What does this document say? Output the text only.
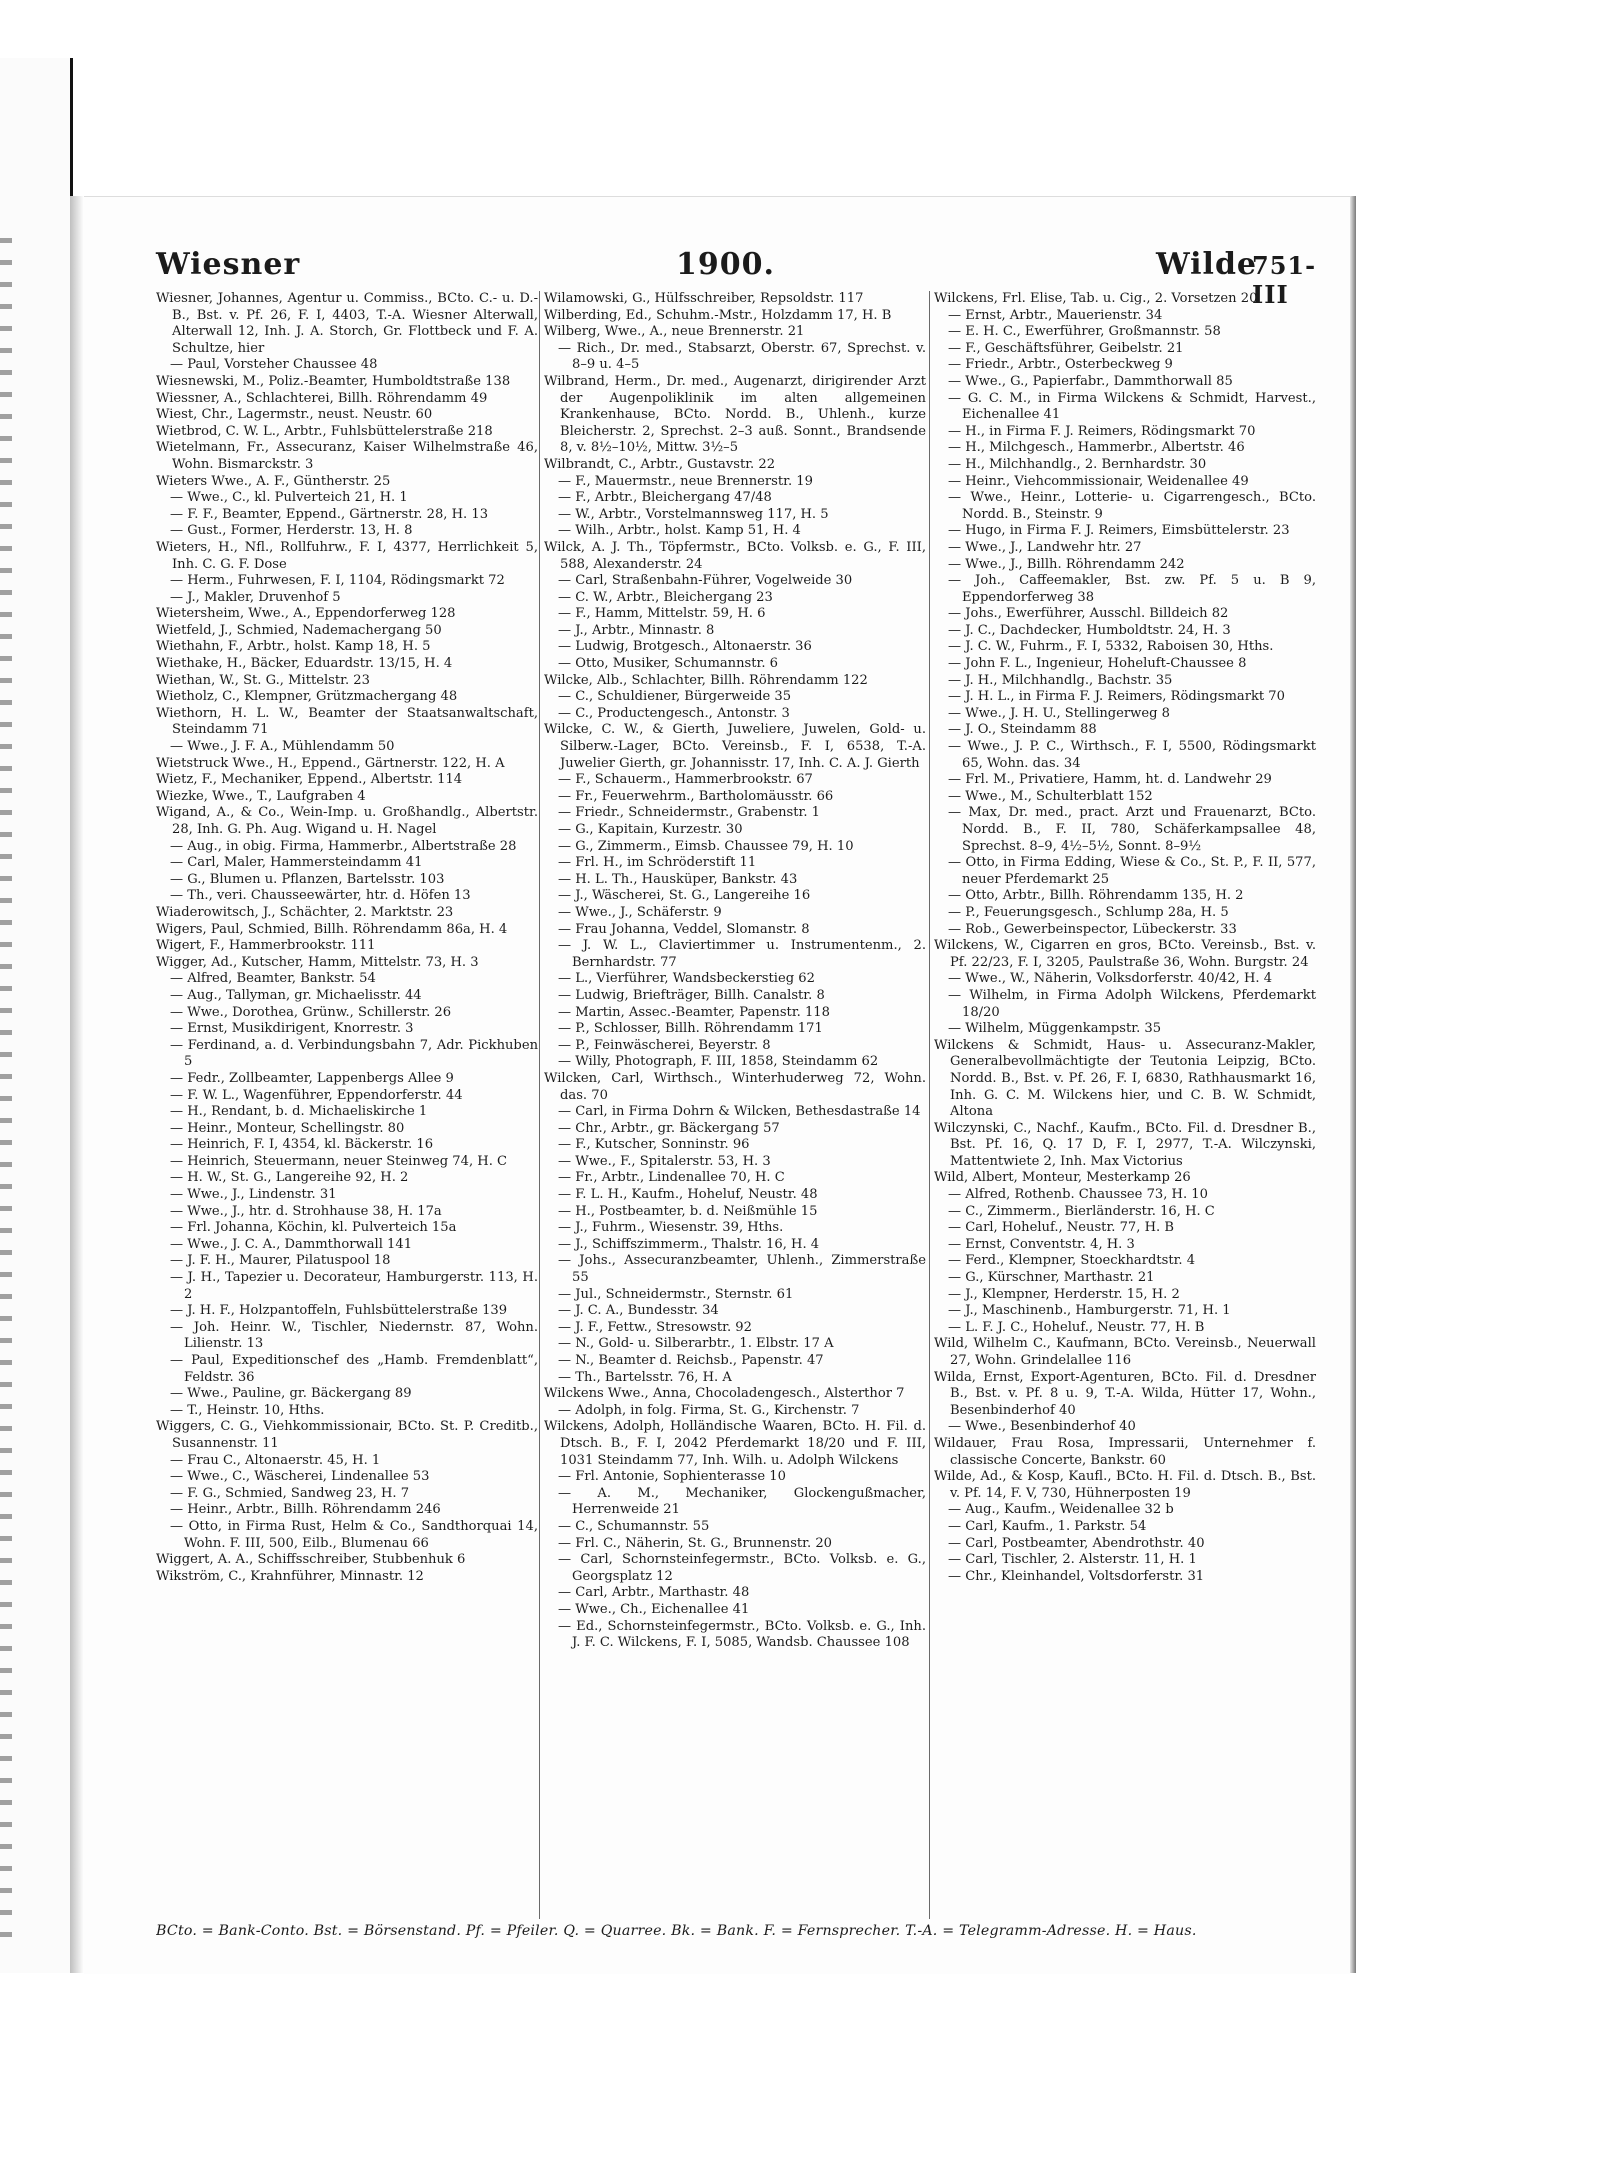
Wiesner	1900.	Wilde
751-III

Wiesner, Johannes, Agentur u. Commiss., BCto. C.- u. D.-B., Bst. v. Pf. 26, F. I, 4403, T.-A. Wiesner Alterwall, Alterwall 12, Inh. J. A. Storch, Gr. Flottbeck und F. A. Schultze, hier

— Paul, Vorsteher Chaussee 48

Wiesnewski, M., Poliz.-Beamter, Humboldtstraße 138

Wiessner, A., Schlachterei, Billh. Röhrendamm 49

Wiest, Chr., Lagermstr., neust. Neustr. 60

Wietbrod, C. W. L., Arbtr., Fuhlsbüttelerstraße 218

Wietelmann, Fr., Assecuranz, Kaiser Wilhelmstraße 46, Wohn. Bismarckstr. 3

Wieters Wwe., A. F., Güntherstr. 25

— Wwe., C., kl. Pulverteich 21, H. 1

— F. F., Beamter, Eppend., Gärtnerstr. 28, H. 13

— Gust., Former, Herderstr. 13, H. 8

Wieters, H., Nfl., Rollfuhrw., F. I, 4377, Herrlichkeit 5, Inh. C. G. F. Dose

— Herm., Fuhrwesen, F. I, 1104, Rödingsmarkt 72

— J., Makler, Druvenhof 5

Wietersheim, Wwe., A., Eppendorferweg 128

Wietfeld, J., Schmied, Nademachergang 50

Wiethahn, F., Arbtr., holst. Kamp 18, H. 5

Wiethake, H., Bäcker, Eduardstr. 13/15, H. 4

Wiethan, W., St. G., Mittelstr. 23

Wietholz, C., Klempner, Grützmachergang 48

Wiethorn, H. L. W., Beamter der Staatsanwaltschaft, Steindamm 71

— Wwe., J. F. A., Mühlendamm 50

Wietstruck Wwe., H., Eppend., Gärtnerstr. 122, H. A

Wietz, F., Mechaniker, Eppend., Albertstr. 114

Wiezke, Wwe., T., Laufgraben 4

Wigand, A., & Co., Wein-Imp. u. Großhandlg., Albertstr. 28, Inh. G. Ph. Aug. Wigand u. H. Nagel

— Aug., in obig. Firma, Hammerbr., Albertstraße 28

— Carl, Maler, Hammersteindamm 41

— G., Blumen u. Pflanzen, Bartelsstr. 103

— Th., veri. Chausseewärter, htr. d. Höfen 13

Wiaderowitsch, J., Schächter, 2. Marktstr. 23

Wigers, Paul, Schmied, Billh. Röhrendamm 86a, H. 4

Wigert, F., Hammerbrookstr. 111

Wigger, Ad., Kutscher, Hamm, Mittelstr. 73, H. 3

— Alfred, Beamter, Bankstr. 54

— Aug., Tallyman, gr. Michaelisstr. 44

— Wwe., Dorothea, Grünw., Schillerstr. 26

— Ernst, Musikdirigent, Knorrestr. 3

— Ferdinand, a. d. Verbindungsbahn 7, Adr. Pickhuben 5

— Fedr., Zollbeamter, Lappenbergs Allee 9

— F. W. L., Wagenführer, Eppendorferstr. 44

— H., Rendant, b. d. Michaeliskirche 1

— Heinr., Monteur, Schellingstr. 80

— Heinrich, F. I, 4354, kl. Bäckerstr. 16

— Heinrich, Steuermann, neuer Steinweg 74, H. C

— H. W., St. G., Langereihe 92, H. 2

— Wwe., J., Lindenstr. 31

— Wwe., J., htr. d. Strohhause 38, H. 17a

— Frl. Johanna, Köchin, kl. Pulverteich 15a

— Wwe., J. C. A., Dammthorwall 141

— J. F. H., Maurer, Pilatuspool 18

— J. H., Tapezier u. Decorateur, Hamburgerstr. 113, H. 2

— J. H. F., Holzpantoffeln, Fuhlsbüttelerstraße 139

— Joh. Heinr. W., Tischler, Niedernstr. 87, Wohn. Lilienstr. 13

— Paul, Expeditionschef des „Hamb. Fremdenblatt“, Feldstr. 36

— Wwe., Pauline, gr. Bäckergang 89

— T., Heinstr. 10, Hths.

Wiggers, C. G., Viehkommissionair, BCto. St. P. Creditb., Susannenstr. 11

— Frau C., Altonaerstr. 45, H. 1

— Wwe., C., Wäscherei, Lindenallee 53

— F. G., Schmied, Sandweg 23, H. 7

— Heinr., Arbtr., Billh. Röhrendamm 246

— Otto, in Firma Rust, Helm & Co., Sandthorquai 14, Wohn. F. III, 500, Eilb., Blumenau 66

Wiggert, A. A., Schiffsschreiber, Stubbenhuk 6

Wikström, C., Krahnführer, Minnastr. 12

Wilamowski, G., Hülfsschreiber, Repsoldstr. 117

Wilberding, Ed., Schuhm.-Mstr., Holzdamm 17, H. B

Wilberg, Wwe., A., neue Brennerstr. 21

— Rich., Dr. med., Stabsarzt, Oberstr. 67, Sprechst. v. 8–9 u. 4–5

Wilbrand, Herm., Dr. med., Augenarzt, dirigirender Arzt der Augenpoliklinik im alten allgemeinen Krankenhause, BCto. Nordd. B., Uhlenh., kurze Bleicherstr. 2, Sprechst. 2–3 auß. Sonnt., Brandsende 8, v. 8½–10½, Mittw. 3½–5

Wilbrandt, C., Arbtr., Gustavstr. 22

— F., Mauermstr., neue Brennerstr. 19

— F., Arbtr., Bleichergang 47/48

— W., Arbtr., Vorstelmannsweg 117, H. 5

— Wilh., Arbtr., holst. Kamp 51, H. 4

Wilck, A. J. Th., Töpfermstr., BCto. Volksb. e. G., F. III, 588, Alexanderstr. 24

— Carl, Straßenbahn-Führer, Vogelweide 30

— C. W., Arbtr., Bleichergang 23

— F., Hamm, Mittelstr. 59, H. 6

— J., Arbtr., Minnastr. 8

— Ludwig, Brotgesch., Altonaerstr. 36

— Otto, Musiker, Schumannstr. 6

Wilcke, Alb., Schlachter, Billh. Röhrendamm 122

— C., Schuldiener, Bürgerweide 35

— C., Productengesch., Antonstr. 3

Wilcke, C. W., & Gierth, Juweliere, Juwelen, Gold- u. Silberw.-Lager, BCto. Vereinsb., F. I, 6538, T.-A. Juwelier Gierth, gr. Johannisstr. 17, Inh. C. A. J. Gierth

— F., Schauerm., Hammerbrookstr. 67

— Fr., Feuerwehrm., Bartholomäusstr. 66

— Friedr., Schneidermstr., Grabenstr. 1

— G., Kapitain, Kurzestr. 30

— G., Zimmerm., Eimsb. Chaussee 79, H. 10

— Frl. H., im Schröderstift 11

— H. L. Th., Hausküper, Bankstr. 43

— J., Wäscherei, St. G., Langereihe 16

— Wwe., J., Schäferstr. 9

— Frau Johanna, Veddel, Slomanstr. 8

— J. W. L., Claviertimmer u. Instrumentenm., 2. Bernhardstr. 77

— L., Vierführer, Wandsbeckerstieg 62

— Ludwig, Briefträger, Billh. Canalstr. 8

— Martin, Assec.-Beamter, Papenstr. 118

— P., Schlosser, Billh. Röhrendamm 171

— P., Feinwäscherei, Beyerstr. 8

— Willy, Photograph, F. III, 1858, Steindamm 62

Wilcken, Carl, Wirthsch., Winterhuderweg 72, Wohn. das. 70

— Carl, in Firma Dohrn & Wilcken, Bethesdastraße 14

— Chr., Arbtr., gr. Bäckergang 57

— F., Kutscher, Sonninstr. 96

— Wwe., F., Spitalerstr. 53, H. 3

— Fr., Arbtr., Lindenallee 70, H. C

— F. L. H., Kaufm., Hoheluf, Neustr. 48

— H., Postbeamter, b. d. Neißmühle 15

— J., Fuhrm., Wiesenstr. 39, Hths.

— J., Schiffszimmerm., Thalstr. 16, H. 4

— Johs., Assecuranzbeamter, Uhlenh., Zimmerstraße 55

— Jul., Schneidermstr., Sternstr. 61

— J. C. A., Bundesstr. 34

— J. F., Fettw., Stresowstr. 92

— N., Gold- u. Silberarbtr., 1. Elbstr. 17 A

— N., Beamter d. Reichsb., Papenstr. 47

— Th., Bartelsstr. 76, H. A

Wilckens Wwe., Anna, Chocoladengesch., Alsterthor 7

— Adolph, in folg. Firma, St. G., Kirchenstr. 7

Wilckens, Adolph, Holländische Waaren, BCto. H. Fil. d. Dtsch. B., F. I, 2042 Pferdemarkt 18/20 und F. III, 1031 Steindamm 77, Inh. Wilh. u. Adolph Wilckens

— Frl. Antonie, Sophienterasse 10

— A. M., Mechaniker, Glockengußmacher, Herrenweide 21

— C., Schumannstr. 55

— Frl. C., Näherin, St. G., Brunnenstr. 20

— Carl, Schornsteinfegermstr., BCto. Volksb. e. G., Georgsplatz 12

— Carl, Arbtr., Marthastr. 48

— Wwe., Ch., Eichenallee 41

— Ed., Schornsteinfegermstr., BCto. Volksb. e. G., Inh. J. F. C. Wilckens, F. I, 5085, Wandsb. Chaussee 108

Wilckens, Frl. Elise, Tab. u. Cig., 2. Vorsetzen 20

— Ernst, Arbtr., Mauerienstr. 34

— E. H. C., Ewerführer, Großmannstr. 58

— F., Geschäftsführer, Geibelstr. 21

— Friedr., Arbtr., Osterbeckweg 9

— Wwe., G., Papierfabr., Dammthorwall 85

— G. C. M., in Firma Wilckens & Schmidt, Harvest., Eichenallee 41

— H., in Firma F. J. Reimers, Rödingsmarkt 70

— H., Milchgesch., Hammerbr., Albertstr. 46

— H., Milchhandlg., 2. Bernhardstr. 30

— Heinr., Viehcommissionair, Weidenallee 49

— Wwe., Heinr., Lotterie- u. Cigarrengesch., BCto. Nordd. B., Steinstr. 9

— Hugo, in Firma F. J. Reimers, Eimsbüttelerstr. 23

— Wwe., J., Landwehr htr. 27

— Wwe., J., Billh. Röhrendamm 242

— Joh., Caffeemakler, Bst. zw. Pf. 5 u. B 9, Eppendorferweg 38

— Johs., Ewerführer, Ausschl. Billdeich 82

— J. C., Dachdecker, Humboldtstr. 24, H. 3

— J. C. W., Fuhrm., F. I, 5332, Raboisen 30, Hths.

— John F. L., Ingenieur, Hoheluft-Chaussee 8

— J. H., Milchhandlg., Bachstr. 35

— J. H. L., in Firma F. J. Reimers, Rödingsmarkt 70

— Wwe., J. H. U., Stellingerweg 8

— J. O., Steindamm 88

— Wwe., J. P. C., Wirthsch., F. I, 5500, Rödingsmarkt 65, Wohn. das. 34

— Frl. M., Privatiere, Hamm, ht. d. Landwehr 29

— Wwe., M., Schulterblatt 152

— Max, Dr. med., pract. Arzt und Frauenarzt, BCto. Nordd. B., F. II, 780, Schäferkampsallee 48, Sprechst. 8–9, 4½–5½, Sonnt. 8–9½

— Otto, in Firma Edding, Wiese & Co., St. P., F. II, 577, neuer Pferdemarkt 25

— Otto, Arbtr., Billh. Röhrendamm 135, H. 2

— P., Feuerungsgesch., Schlump 28a, H. 5

— Rob., Gewerbeinspector, Lübeckerstr. 33

Wilckens, W., Cigarren en gros, BCto. Vereinsb., Bst. v. Pf. 22/23, F. I, 3205, Paulstraße 36, Wohn. Burgstr. 24

— Wwe., W., Näherin, Volksdorferstr. 40/42, H. 4

— Wilhelm, in Firma Adolph Wilckens, Pferdemarkt 18/20

— Wilhelm, Müggenkampstr. 35

Wilckens & Schmidt, Haus- u. Assecuranz-Makler, Generalbevollmächtigte der Teutonia Leipzig, BCto. Nordd. B., Bst. v. Pf. 26, F. I, 6830, Rathhausmarkt 16, Inh. G. C. M. Wilckens hier, und C. B. W. Schmidt, Altona

Wilczynski, C., Nachf., Kaufm., BCto. Fil. d. Dresdner B., Bst. Pf. 16, Q. 17 D, F. I, 2977, T.-A. Wilczynski, Mattentwiete 2, Inh. Max Victorius

Wild, Albert, Monteur, Mesterkamp 26

— Alfred, Rothenb. Chaussee 73, H. 10

— C., Zimmerm., Bierländerstr. 16, H. C

— Carl, Hoheluf., Neustr. 77, H. B

— Ernst, Conventstr. 4, H. 3

— Ferd., Klempner, Stoeckhardtstr. 4

— G., Kürschner, Marthastr. 21

— J., Klempner, Herderstr. 15, H. 2

— J., Maschinenb., Hamburgerstr. 71, H. 1

— L. F. J. C., Hoheluf., Neustr. 77, H. B

Wild, Wilhelm C., Kaufmann, BCto. Vereinsb., Neuerwall 27, Wohn. Grindelallee 116

Wilda, Ernst, Export-Agenturen, BCto. Fil. d. Dresdner B., Bst. v. Pf. 8 u. 9, T.-A. Wilda, Hütter 17, Wohn., Besenbinderhof 40

— Wwe., Besenbinderhof 40

Wildauer, Frau Rosa, Impressarii, Unternehmer f. classische Concerte, Bankstr. 60

Wilde, Ad., & Kosp, Kaufl., BCto. H. Fil. d. Dtsch. B., Bst. v. Pf. 14, F. V, 730, Hühnerposten 19

— Aug., Kaufm., Weidenallee 32 b

— Carl, Kaufm., 1. Parkstr. 54

— Carl, Postbeamter, Abendrothstr. 40

— Carl, Tischler, 2. Alsterstr. 11, H. 1

— Chr., Kleinhandel, Voltsdorferstr. 31

BCto. = Bank-Conto. Bst. = Börsenstand. Pf. = Pfeiler. Q. = Quarree. Bk. = Bank. F. = Fernsprecher. T.-A. = Telegramm-Adresse. H. = Haus.
